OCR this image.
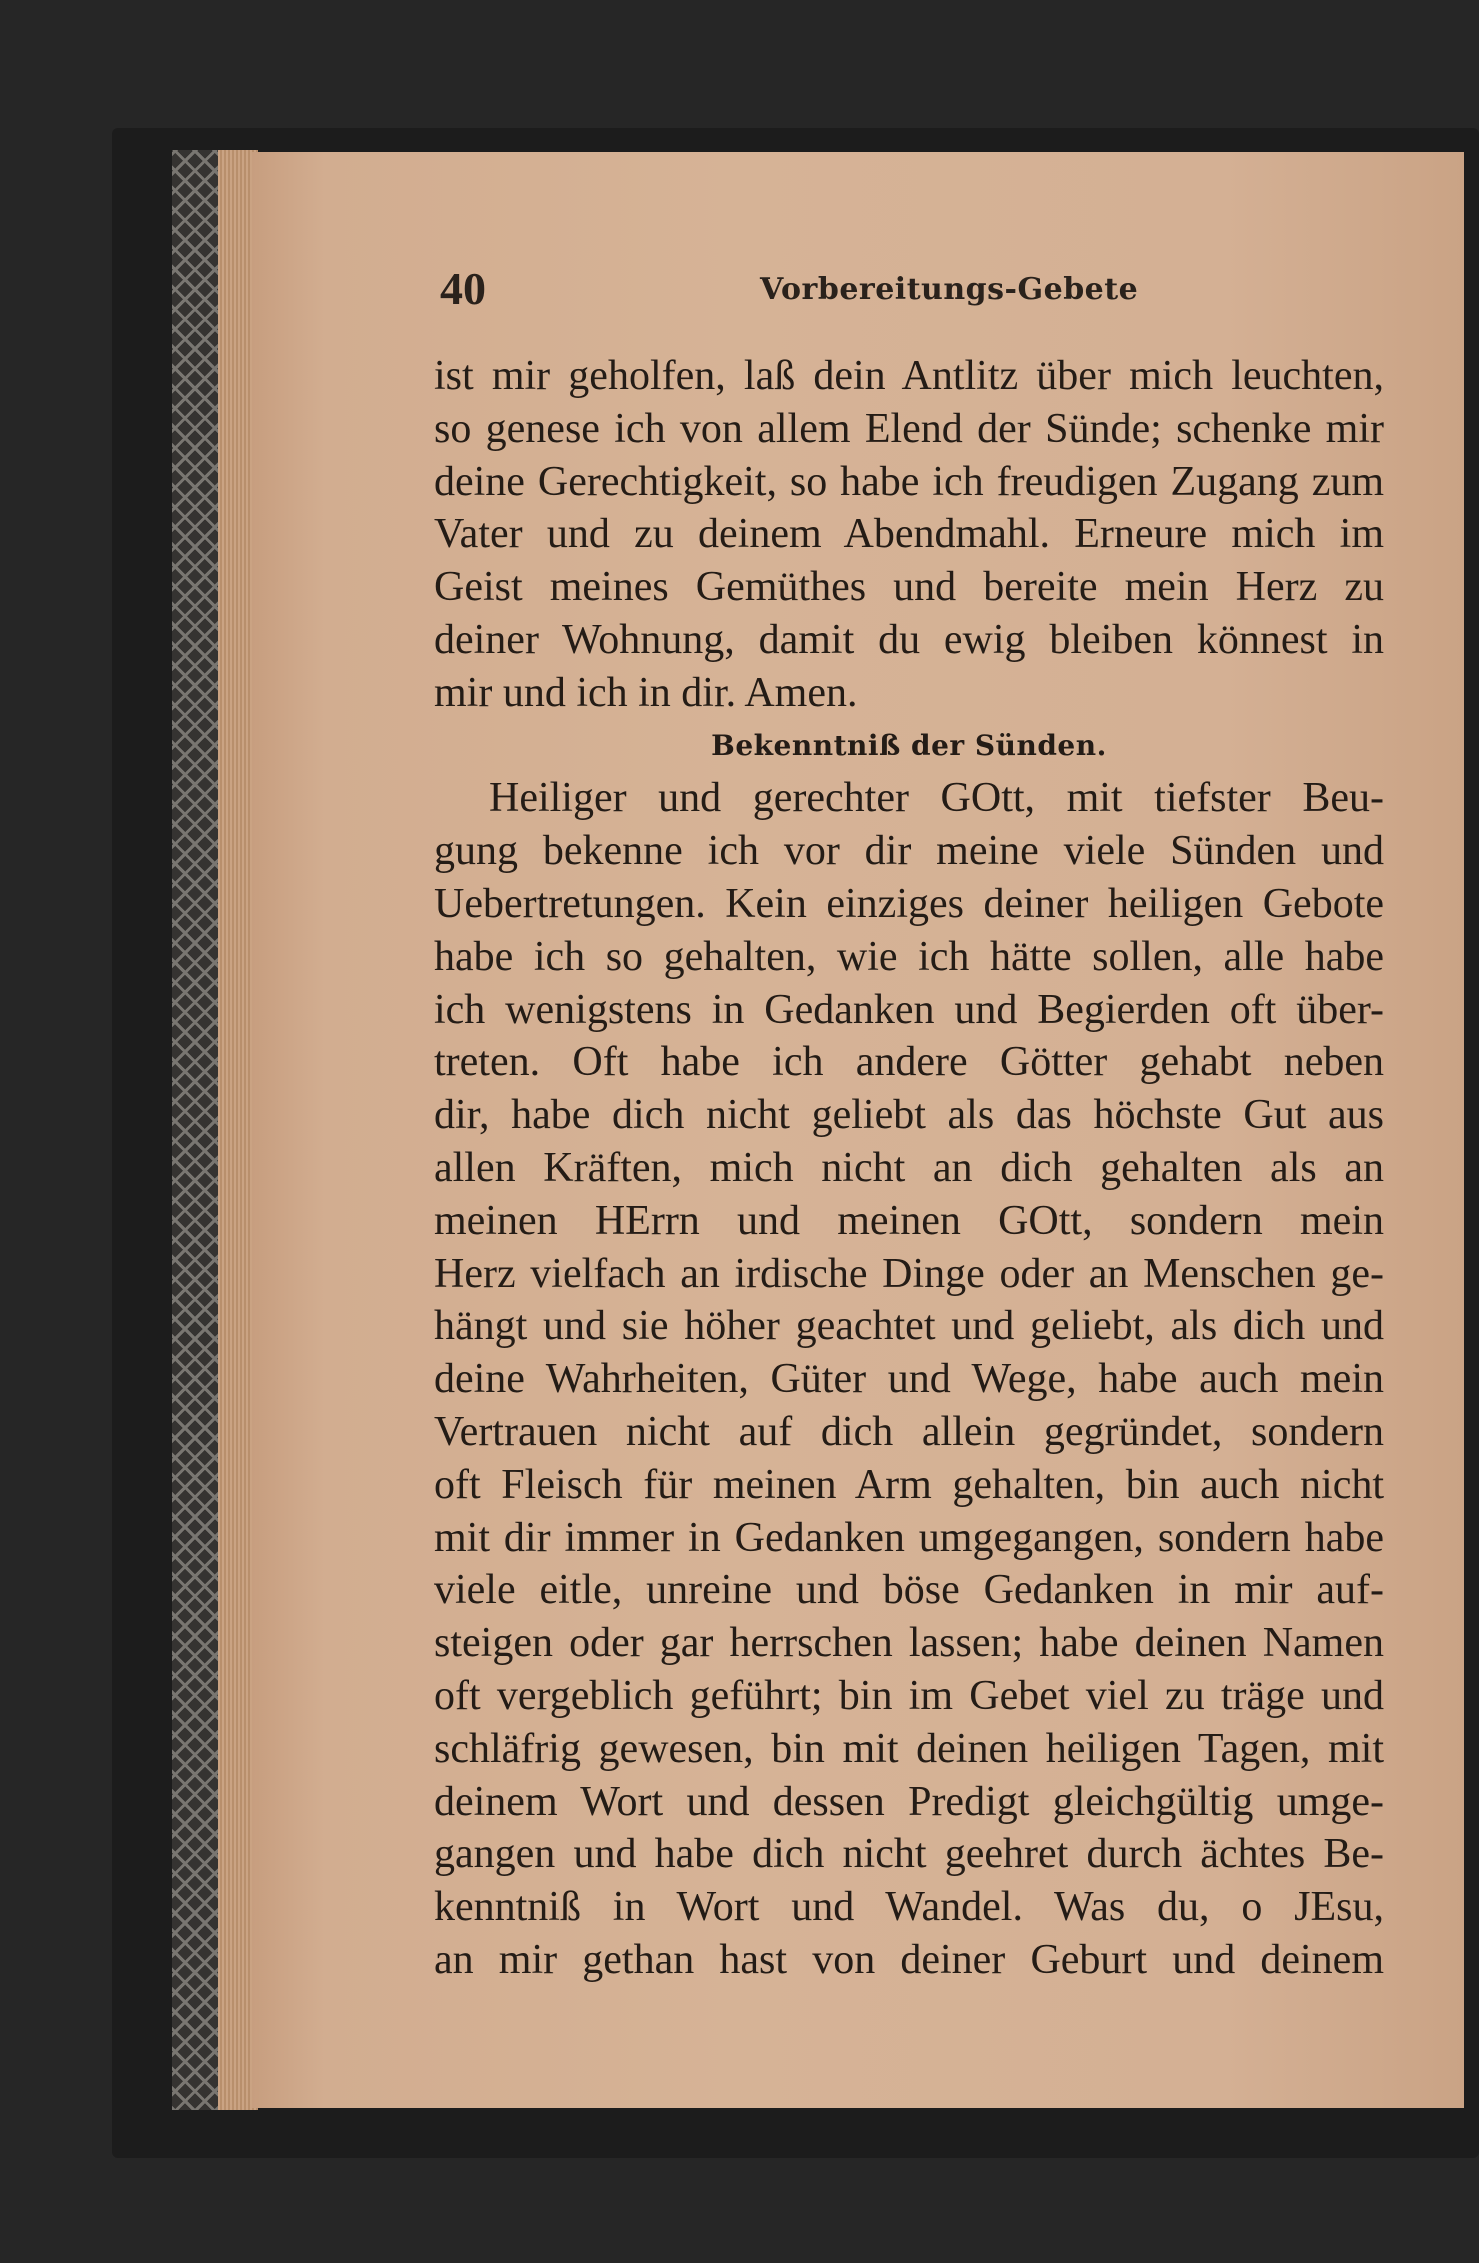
40	Vorbereitungs-Gebete
ist mir geholfen, laß dein Antlitz über mich leuchten,
so genese ich von allem Elend der Sünde; schenke mir
deine Gerechtigkeit, so habe ich freudigen Zugang zum
Vater und zu deinem Abendmahl. Erneure mich im
Geist meines Gemüthes und bereite mein Herz zu
deiner Wohnung, damit du ewig bleiben könnest in
mir und ich in dir. Amen.
Bekenntniß der Sünden.
Heiliger und gerechter GOtt, mit tiefster Beu-
gung bekenne ich vor dir meine viele Sünden und
Uebertretungen. Kein einziges deiner heiligen Gebote
habe ich so gehalten, wie ich hätte sollen, alle habe
ich wenigstens in Gedanken und Begierden oft über-
treten. Oft habe ich andere Götter gehabt neben
dir, habe dich nicht geliebt als das höchste Gut aus
allen Kräften, mich nicht an dich gehalten als an
meinen HErrn und meinen GOtt, sondern mein
Herz vielfach an irdische Dinge oder an Menschen ge-
hängt und sie höher geachtet und geliebt, als dich und
deine Wahrheiten, Güter und Wege, habe auch mein
Vertrauen nicht auf dich allein gegründet, sondern
oft Fleisch für meinen Arm gehalten, bin auch nicht
mit dir immer in Gedanken umgegangen, sondern habe
viele eitle, unreine und böse Gedanken in mir auf-
steigen oder gar herrschen lassen; habe deinen Namen
oft vergeblich geführt; bin im Gebet viel zu träge und
schläfrig gewesen, bin mit deinen heiligen Tagen, mit
deinem Wort und dessen Predigt gleichgültig umge-
gangen und habe dich nicht geehret durch ächtes Be-
kenntniß in Wort und Wandel. Was du, o JEsu,
an mir gethan hast von deiner Geburt und deinem
